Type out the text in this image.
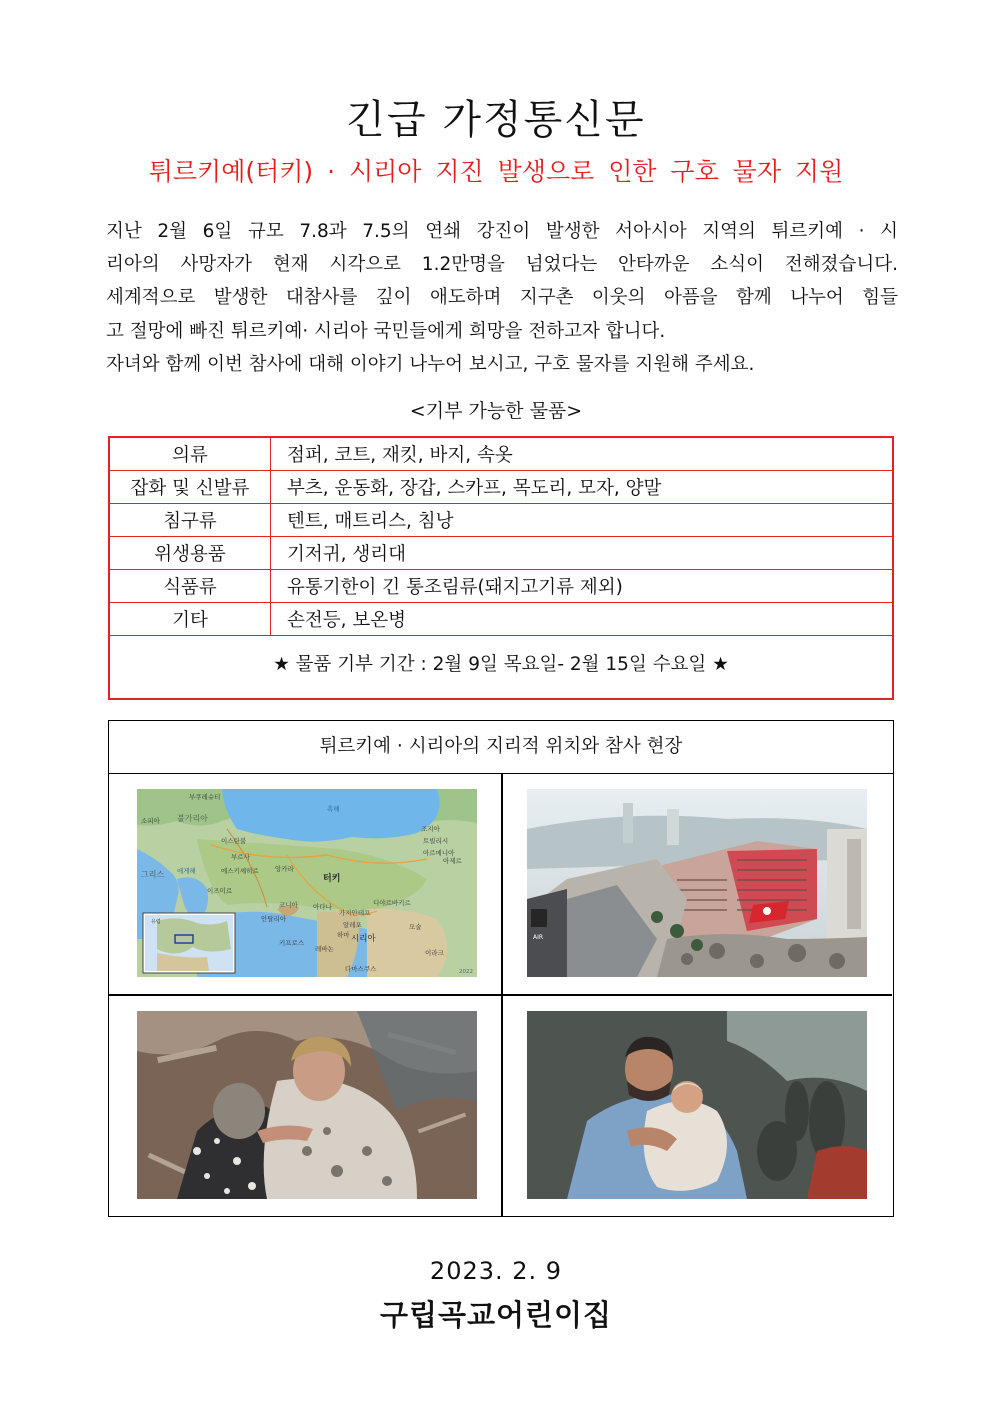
긴급 가정통신문
튀르키예(터키) · 시리아 지진 발생으로 인한 구호 물자 지원
지난 2월 6일 규모 7.8과 7.5의 연쇄 강진이 발생한 서아시아 지역의 튀르키예 · 시
리아의 사망자가 현재 시각으로 1.2만명을 넘었다는 안타까운 소식이 전해졌습니다.
세계적으로 발생한 대참사를 깊이 애도하며 지구촌 이웃의 아픔을 함께 나누어 힘들
고 절망에 빠진 튀르키예· 시리아 국민들에게 희망을 전하고자 합니다.
자녀와 함께 이번 참사에 대해 이야기 나누어 보시고, 구호 물자를 지원해 주세요.
<기부 가능한 물품>
의류	점퍼, 코트, 재킷, 바지, 속옷
잡화 및 신발류	부츠, 운동화, 장갑, 스카프, 목도리, 모자, 양말
침구류	텐트, 매트리스, 침낭
위생용품	기저귀, 생리대
식품류	유통기한이 긴 통조림류(돼지고기류 제외)
기타	손전등, 보온병
★ 물품 기부 기간 : 2월 9일 목요일- 2월 15일 수요일 ★
튀르키예 · 시리아의 지리적 위치와 참사 현장
부쿠레슈티
소피아 불가리아
흑해
조지아
트빌리시
아르메니아
아제르
이스탄불
부르사
에스키셰히르	앙카라
그리스 에게해
이즈미르
터키
코니아	디야르바키르
안탈리아
아다나
가지안테프
알레포	모술
키프로스	시리아
레바논
하마
다마스쿠스
이라크
2022
유럽
AIR
2023. 2. 9
구립곡교어린이집
